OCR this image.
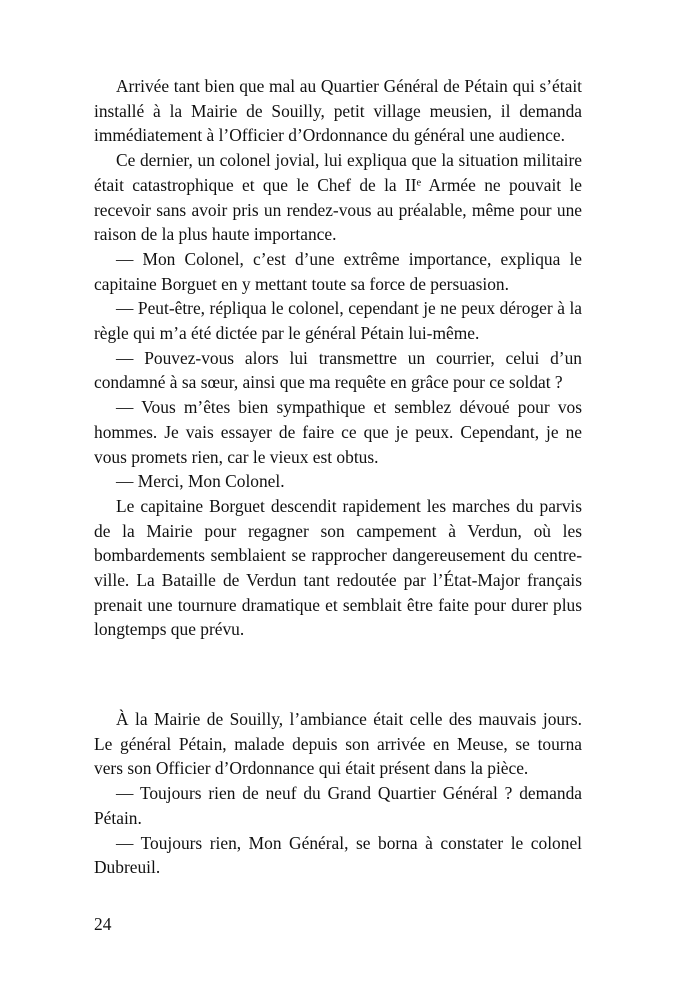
Arrivée tant bien que mal au Quartier Général de Pétain qui s’était installé à la Mairie de Souilly, petit village meusien, il demanda immédiatement à l’Officier d’Ordonnance du général une audience.

Ce dernier, un colonel jovial, lui expliqua que la situation militaire était catastrophique et que le Chef de la IIe Armée ne pouvait le recevoir sans avoir pris un rendez-vous au préalable, même pour une raison de la plus haute importance.

— Mon Colonel, c’est d’une extrême importance, expliqua le capitaine Borguet en y mettant toute sa force de persuasion.

— Peut-être, répliqua le colonel, cependant je ne peux déroger à la règle qui m’a été dictée par le général Pétain lui-même.

— Pouvez-vous alors lui transmettre un courrier, celui d’un condamné à sa sœur, ainsi que ma requête en grâce pour ce soldat ?

— Vous m’êtes bien sympathique et semblez dévoué pour vos hommes. Je vais essayer de faire ce que je peux. Cependant, je ne vous promets rien, car le vieux est obtus.

— Merci, Mon Colonel.

Le capitaine Borguet descendit rapidement les marches du parvis de la Mairie pour regagner son campement à Verdun, où les bombardements semblaient se rapprocher dangereusement du centre-ville. La Bataille de Verdun tant redoutée par l’État-Major français prenait une tournure dramatique et semblait être faite pour durer plus longtemps que prévu.

À la Mairie de Souilly, l’ambiance était celle des mauvais jours. Le général Pétain, malade depuis son arrivée en Meuse, se tourna vers son Officier d’Ordonnance qui était présent dans la pièce.

— Toujours rien de neuf du Grand Quartier Général ? demanda Pétain.

— Toujours rien, Mon Général, se borna à constater le colonel Dubreuil.

24
